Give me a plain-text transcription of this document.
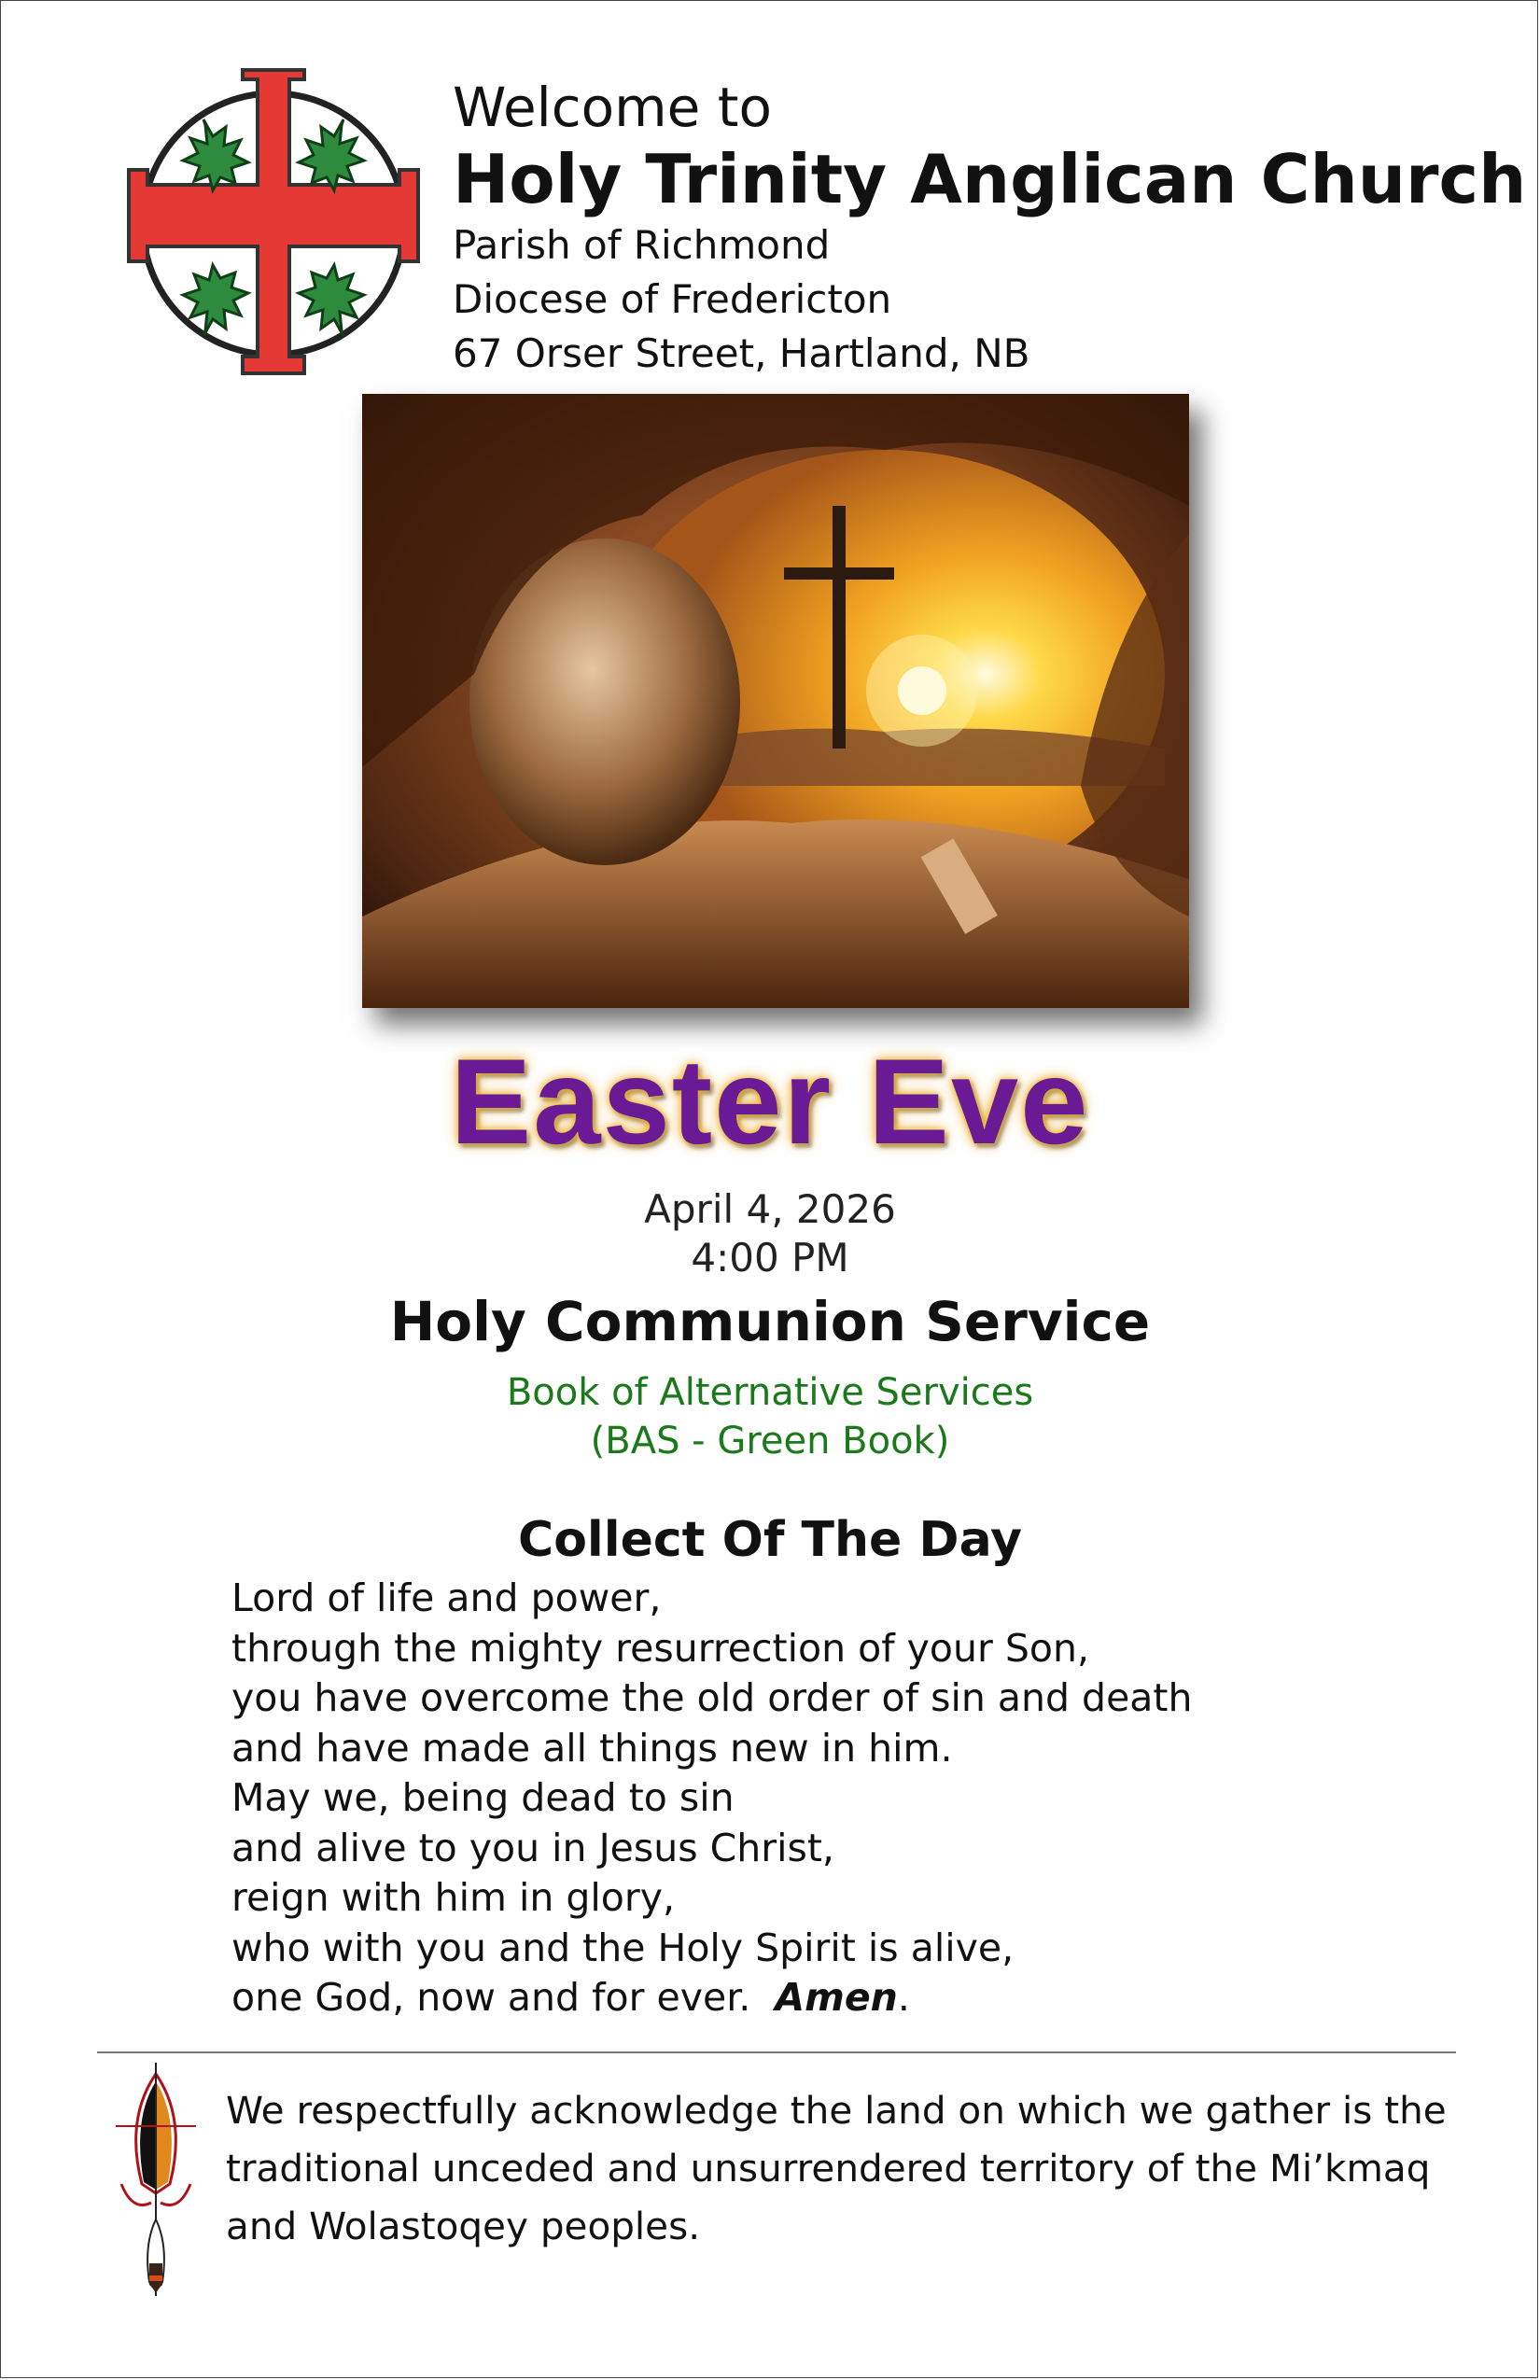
Welcome to
Holy Trinity Anglican Church
Parish of Richmond
Diocese of Fredericton
67 Orser Street, Hartland, NB
Easter Eve
April 4, 2026
4:00 PM
Holy Communion Service
Book of Alternative Services
(BAS - Green Book)
Collect Of The Day
Lord of life and power,
through the mighty resurrection of your Son,
you have overcome the old order of sin and death
and have made all things new in him.
May we, being dead to sin
and alive to you in Jesus Christ,
reign with him in glory,
who with you and the Holy Spirit is alive,
one God, now and for ever. Amen.
We respectfully acknowledge the land on which we gather is the
traditional unceded and unsurrendered territory of the Mi’kmaq
and Wolastoqey peoples.
